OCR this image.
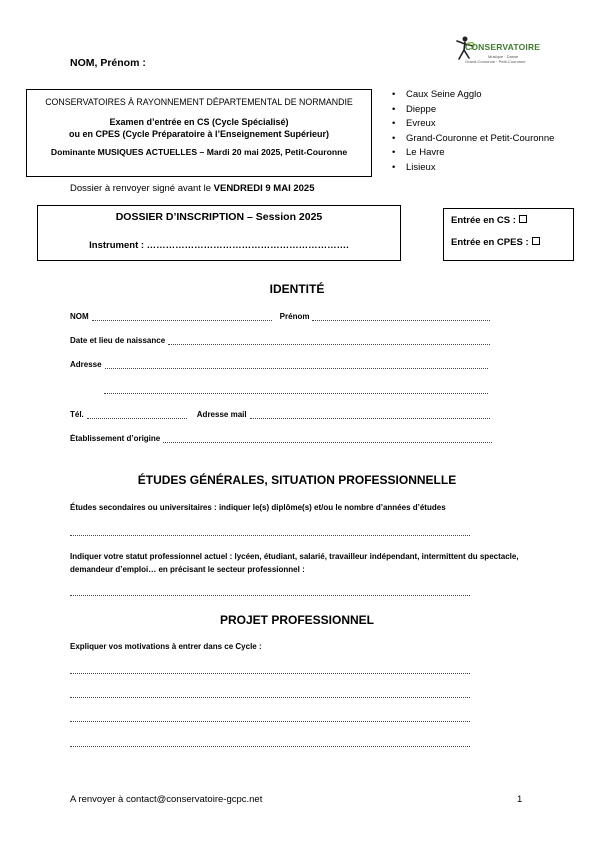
NOM, Prénom :
CONSERVATOIRE
Musique · Danse
Grand-Couronne · Petit-Couronne
CONSERVATOIRES À RAYONNEMENT DÉPARTEMENTAL DE NORMANDIE
Examen d’entrée en CS (Cycle Spécialisé)
ou en CPES (Cycle Préparatoire à l’Enseignement Supérieur)
Dominante MUSIQUES ACTUELLES – Mardi 20 mai 2025, Petit-Couronne
• Caux Seine Agglo
• Dieppe
• Evreux
• Grand-Couronne et Petit-Couronne
• Le Havre
• Lisieux
Dossier à renvoyer signé avant le VENDREDI 9 MAI 2025
DOSSIER D’INSCRIPTION – Session 2025
Instrument : ……………………………………………………….
Entrée en CS :
Entrée en CPES :
IDENTITÉ
NOM	Prénom
Date et lieu de naissance
Adresse
Tél.	Adresse mail
Établissement d’origine
ÉTUDES GÉNÉRALES, SITUATION PROFESSIONNELLE
Études secondaires ou universitaires : indiquer le(s) diplôme(s) et/ou le nombre d’années d’études
Indiquer votre statut professionnel actuel : lycéen, étudiant, salarié, travailleur indépendant, intermittent du spectacle, demandeur d’emploi… en précisant le secteur professionnel :
PROJET PROFESSIONNEL
Expliquer vos motivations à entrer dans ce Cycle :
A renvoyer à contact@conservatoire-gcpc.net	1
